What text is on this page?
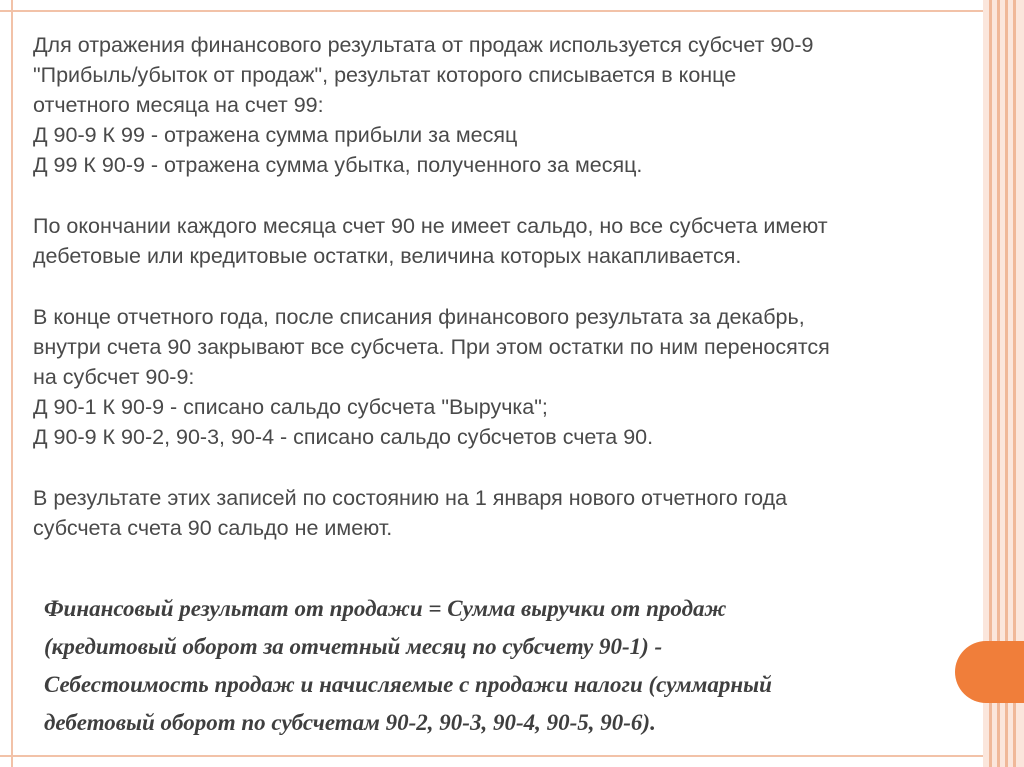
Для отражения финансового результата от продаж используется субсчет 90-9
"Прибыль/убыток от продаж", результат которого списывается в конце
отчетного месяца на счет 99:
Д 90-9 К 99 - отражена сумма прибыли за месяц
Д 99 К 90-9 - отражена сумма убытка, полученного за месяц.

По окончании каждого месяца счет 90 не имеет сальдо, но все субсчета имеют
дебетовые или кредитовые остатки, величина которых накапливается.

В конце отчетного года, после списания финансового результата за декабрь,
внутри счета 90 закрывают все субсчета. При этом остатки по ним переносятся
на субсчет 90-9:
Д 90-1 К 90-9 - списано сальдо субсчета "Выручка";
Д 90-9 К 90-2, 90-3, 90-4 - списано сальдо субсчетов счета 90.

В результате этих записей по состоянию на 1 января нового отчетного года
субсчета счета 90 сальдо не имеют.

Финансовый результат от продажи = Сумма выручки от продаж
(кредитовый оборот за отчетный месяц по субсчету 90-1) -
Себестоимость продаж и начисляемые с продажи налоги (суммарный
дебетовый оборот по субсчетам 90-2, 90-3, 90-4, 90-5, 90-6).
